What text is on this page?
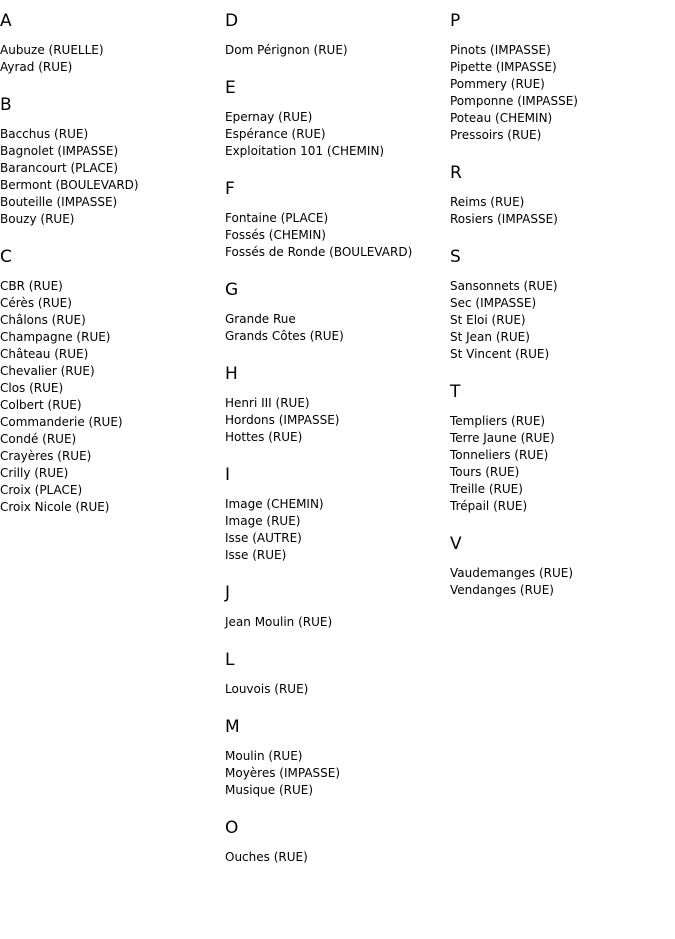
A
Aubuze (RUELLE)
Ayrad (RUE)
B
Bacchus (RUE)
Bagnolet (IMPASSE)
Barancourt (PLACE)
Bermont (BOULEVARD)
Bouteille (IMPASSE)
Bouzy (RUE)
C
CBR (RUE)
Cérès (RUE)
Châlons (RUE)
Champagne (RUE)
Château (RUE)
Chevalier (RUE)
Clos (RUE)
Colbert (RUE)
Commanderie (RUE)
Condé (RUE)
Crayères (RUE)
Crilly (RUE)
Croix (PLACE)
Croix Nicole (RUE)
D
Dom Pérignon (RUE)
E
Epernay (RUE)
Espérance (RUE)
Exploitation 101 (CHEMIN)
F
Fontaine (PLACE)
Fossés (CHEMIN)
Fossés de Ronde (BOULEVARD)
G
Grande Rue
Grands Côtes (RUE)
H
Henri III (RUE)
Hordons (IMPASSE)
Hottes (RUE)
I
Image (CHEMIN)
Image (RUE)
Isse (AUTRE)
Isse (RUE)
J
Jean Moulin (RUE)
L
Louvois (RUE)
M
Moulin (RUE)
Moyères (IMPASSE)
Musique (RUE)
O
Ouches (RUE)
P
Pinots (IMPASSE)
Pipette (IMPASSE)
Pommery (RUE)
Pomponne (IMPASSE)
Poteau (CHEMIN)
Pressoirs (RUE)
R
Reims (RUE)
Rosiers (IMPASSE)
S
Sansonnets (RUE)
Sec (IMPASSE)
St Eloi (RUE)
St Jean (RUE)
St Vincent (RUE)
T
Templiers (RUE)
Terre Jaune (RUE)
Tonneliers (RUE)
Tours (RUE)
Treille (RUE)
Trépail (RUE)
V
Vaudemanges (RUE)
Vendanges (RUE)
